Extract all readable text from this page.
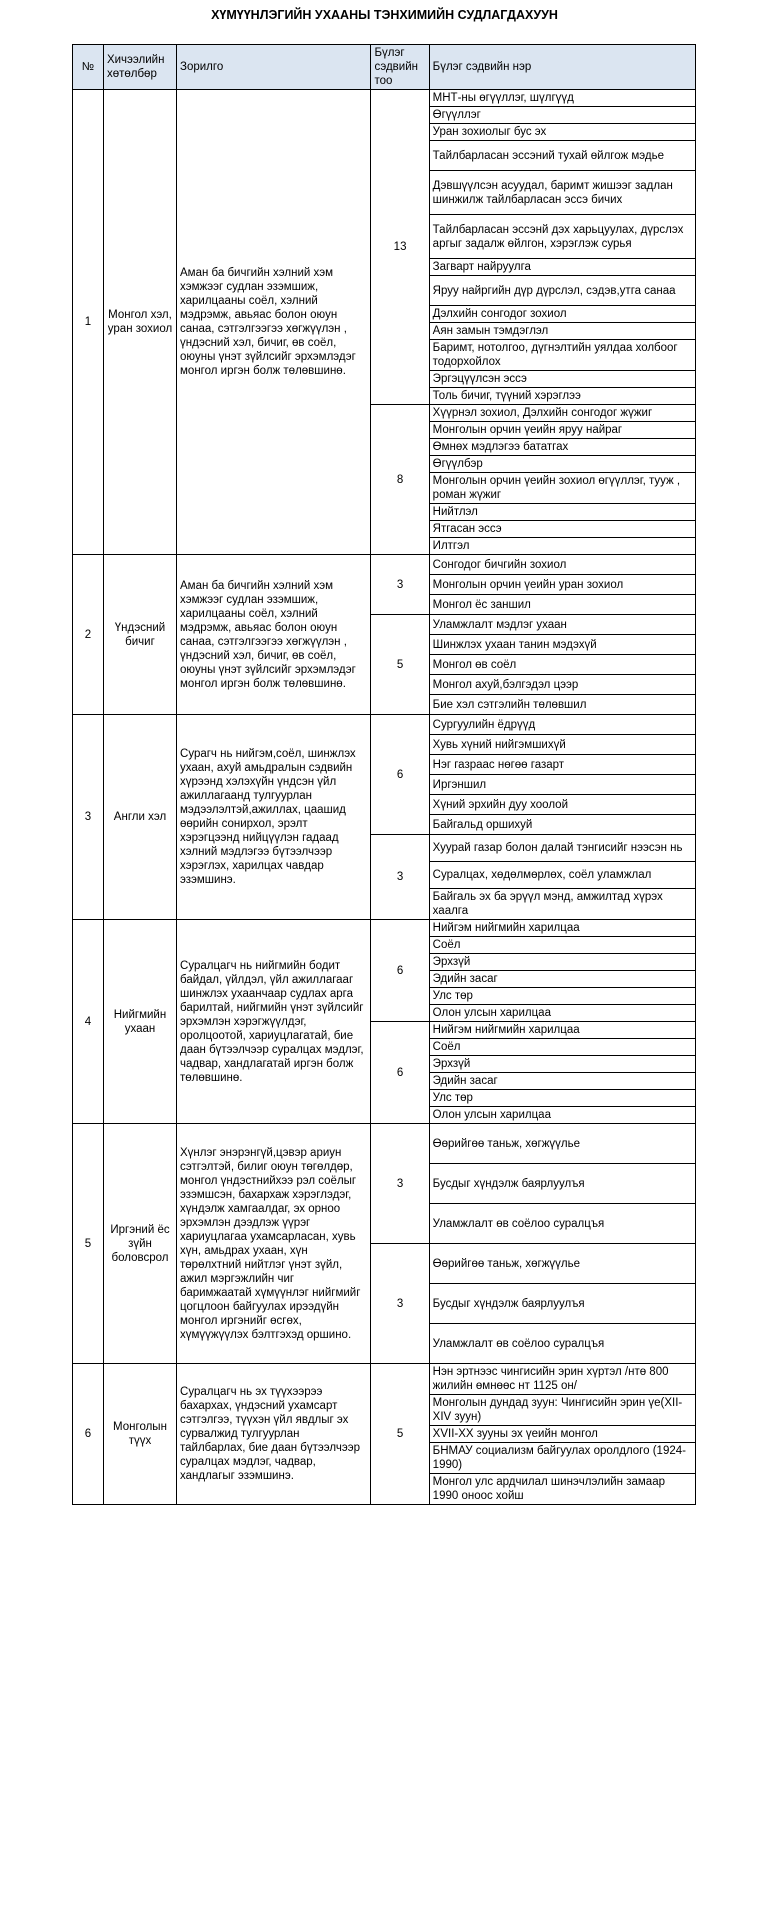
ХҮМҮҮНЛЭГИЙН УХААНЫ ТЭНХИМИЙН СУДЛАГДАХУУН
№	Хичээлийн хөтөлбөр	Зорилго	Бүлэг сэдвийн тоо	Бүлэг сэдвийн нэр
1	Монгол хэл, уран зохиол	Аман ба бичгийн хэлний хэм хэмжээг судлан эзэмшиж, харилцааны соёл, хэлний мэдрэмж, авьяас болон оюун санаа, сэтгэлгээгээ хөгжүүлэн , үндэсний хэл, бичиг, өв соёл, оюуны үнэт зүйлсийг эрхэмлэдэг монгол иргэн болж төлөвшинө.	13	МНТ-ны өгүүллэг, шүлгүүд
				Өгүүллэг
				Уран зохиолыг бус эх
				Тайлбарласан эссэний тухай өйлгож мэдье
				Дэвшүүлсэн асуудал, баримт жишээг задлан шинжилж тайлбарласан эссэ бичих
				Тайлбарласан эссэнй дэх харьцуулах, дүрслэх аргыг задалж өйлгон, хэрэглэж сурья
				Загварт найруулга
				Яруу найргийн дүр дүрслэл, сэдэв,утга санаа
				Дэлхийн сонгодог зохиол
				Аян замын тэмдэглэл
				Баримт, нотолгоо, дүгнэлтийн уялдаа холбоог тодорхойлох
				Эргэцүүлсэн эссэ
				Толь бичиг, түүний хэрэглээ
			8	Хүүрнэл зохиол, Дэлхийн сонгодог жүжиг
				Монголын орчин үеийн яруу найраг
				Өмнөх мэдлэгээ бататгах
				Өгүүлбэр
				Монголын орчин үеийн зохиол өгүүллэг, тууж , роман жүжиг
				Нийтлэл
				Ятгасан эссэ
				Илтгэл
2	Үндэсний бичиг	Аман ба бичгийн хэлний хэм хэмжээг судлан эзэмшиж, харилцааны соёл, хэлний мэдрэмж, авьяас болон оюун санаа, сэтгэлгээгээ хөгжүүлэн , үндэсний хэл, бичиг, өв соёл, оюуны үнэт зүйлсийг эрхэмлэдэг монгол иргэн болж төлөвшинө.	3	Сонгодог бичгийн зохиол
				Монголын орчин үеийн уран зохиол
				Монгол ёс заншил
			5	Уламжлалт мэдлэг ухаан
				Шинжлэх ухаан танин мэдэхүй
				Монгол өв соёл
				Монгол ахуй,бэлгэдэл цээр
				Бие хэл сэтгэлийн төлөвшил
3	Англи хэл	Сурагч нь нийгэм,соёл, шинжлэх ухаан, ахуй амьдралын сэдвийн хүрээнд хэлэхүйн үндсэн үйл ажиллагаанд тулгуурлан мэдээлэлтэй,ажиллах, цаашид өөрийн сонирхол, эрэлт хэрэгцээнд нийцүүлэн гадаад хэлний мэдлэгээ бүтээлчээр хэрэглэх, харилцах чавдар эзэмшинэ.	6	Сургуулийн ёдрүүд
				Хувь хүний нийгэмшихүй
				Нэг газраас нөгөө газарт
				Иргэншил
				Хүний эрхийн дуу хоолой
				Байгальд оршихуй
			3	Хуурай газар болон далай тэнгисийг нээсэн нь
				Суралцах, хөдөлмөрлөх, соёл уламжлал
				Байгаль эх ба эрүүл мэнд, амжилтад хүрэх хаалга
4	Нийгмийн ухаан	Суралцагч нь нийгмийн бодит байдал, үйлдэл, үйл ажиллагааг шинжлэх ухаанчаар судлах арга барилтай, нийгмийн үнэт зүйлсийг эрхэмлэн хэрэгжүүлдэг, оролцоотой, хариуцлагатай, бие даан бүтээлчээр суралцах мэдлэг, чадвар, хандлагатай иргэн болж төлөвшинө.	6	Нийгэм нийгмийн харилцаа
				Соёл
				Эрхзүй
				Эдийн засаг
				Улс төр
				Олон улсын харилцаа
			6	Нийгэм нийгмийн харилцаа
				Соёл
				Эрхзүй
				Эдийн засаг
				Улс төр
				Олон улсын харилцаа
5	Иргэний ёс зүйн боловсрол	Хүнлэг энэрэнгүй,цэвэр ариун сэтгэлтэй, билиг оюун төгөлдөр, монгол үндэстнийхээ рэл соёлыг эзэмшсэн, бахархаж хэрэглэдэг, хүндэлж хамгаалдаг, эх орноо эрхэмлэн дээдлэж үүрэг хариуцлагаа ухамсарласан, хувь хүн, амьдрах ухаан, хүн төрөлхтний нийтлэг үнэт зүйл, ажил мэргэжлийн чиг баримжаатай хүмүүнлэг нийгмийг цогцлоон байгуулах ирээдүйн монгол иргэнийг өсгөх, хүмүүжүүлэх бэлтгэхэд оршино.	3	Өөрийгөө таньж, хөгжүүлье
				Бусдыг хүндэлж баярлуулъя
				Уламжлалт өв соёлоо суралцъя
			3	Өөрийгөө таньж, хөгжүүлье
				Бусдыг хүндэлж баярлуулъя
				Уламжлалт өв соёлоо суралцъя
6	Монголын түүх	Суралцагч нь эх түүхээрээ бахархах, үндэсний ухамсарт сэтгэлгээ, түүхэн үйл явдлыг эх сурвалжид тулгуурлан тайлбарлах, бие даан бүтээлчээр суралцах мэдлэг, чадвар, хандлагыг эзэмшинэ.	5	Нэн эртнээс чингисийн эрин хүртэл /нтө 800 жилийн өмнөөс нт 1125 он/
				Монголын дундад зуун: Чингисийн эрин үе(XII-XIV зуун)
				XVII-XX зууны эх үеийн монгол
				БНМАУ социализм байгуулах оролдлого (1924-1990)
				Монгол улс ардчилал шинэчлэлийн замаар 1990 оноос хойш
